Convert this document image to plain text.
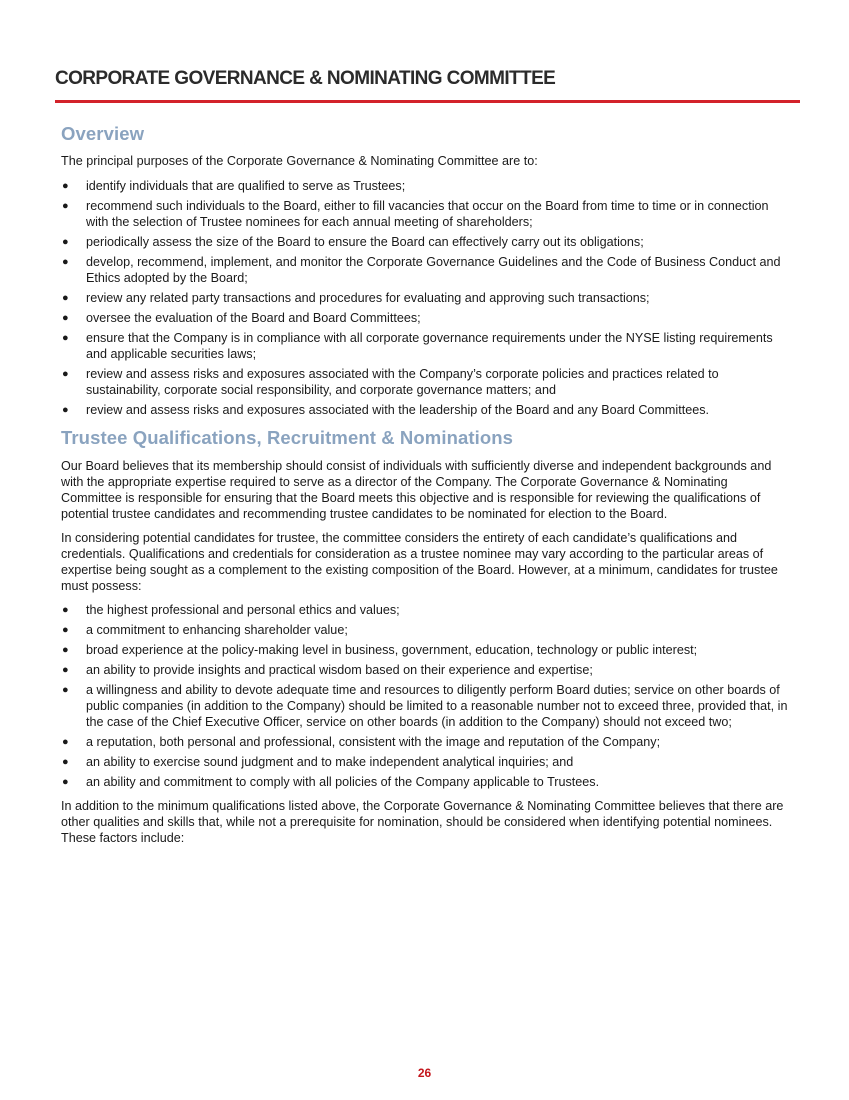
CORPORATE GOVERNANCE & NOMINATING COMMITTEE
Overview

The principal purposes of the Corporate Governance & Nominating Committee are to:

● identify individuals that are qualified to serve as Trustees;
● recommend such individuals to the Board, either to fill vacancies that occur on the Board from time to time or in connection with the selection of Trustee nominees for each annual meeting of shareholders;
● periodically assess the size of the Board to ensure the Board can effectively carry out its obligations;
● develop, recommend, implement, and monitor the Corporate Governance Guidelines and the Code of Business Conduct and Ethics adopted by the Board;
● review any related party transactions and procedures for evaluating and approving such transactions;
● oversee the evaluation of the Board and Board Committees;
● ensure that the Company is in compliance with all corporate governance requirements under the NYSE listing requirements and applicable securities laws;
● review and assess risks and exposures associated with the Company’s corporate policies and practices related to sustainability, corporate social responsibility, and corporate governance matters; and
● review and assess risks and exposures associated with the leadership of the Board and any Board Committees.
Trustee Qualifications, Recruitment & Nominations

Our Board believes that its membership should consist of individuals with sufficiently diverse and independent backgrounds and with the appropriate expertise required to serve as a director of the Company. The Corporate Governance & Nominating Committee is responsible for ensuring that the Board meets this objective and is responsible for reviewing the qualifications of potential trustee candidates and recommending trustee candidates to be nominated for election to the Board.

In considering potential candidates for trustee, the committee considers the entirety of each candidate’s qualifications and credentials. Qualifications and credentials for consideration as a trustee nominee may vary according to the particular areas of expertise being sought as a complement to the existing composition of the Board. However, at a minimum, candidates for trustee must possess:

● the highest professional and personal ethics and values;
● a commitment to enhancing shareholder value;
● broad experience at the policy-making level in business, government, education, technology or public interest;
● an ability to provide insights and practical wisdom based on their experience and expertise;
● a willingness and ability to devote adequate time and resources to diligently perform Board duties; service on other boards of public companies (in addition to the Company) should be limited to a reasonable number not to exceed three, provided that, in the case of the Chief Executive Officer, service on other boards (in addition to the Company) should not exceed two;
● a reputation, both personal and professional, consistent with the image and reputation of the Company;
● an ability to exercise sound judgment and to make independent analytical inquiries; and
● an ability and commitment to comply with all policies of the Company applicable to Trustees.

In addition to the minimum qualifications listed above, the Corporate Governance & Nominating Committee believes that there are other qualities and skills that, while not a prerequisite for nomination, should be considered when identifying potential nominees. These factors include:

26
